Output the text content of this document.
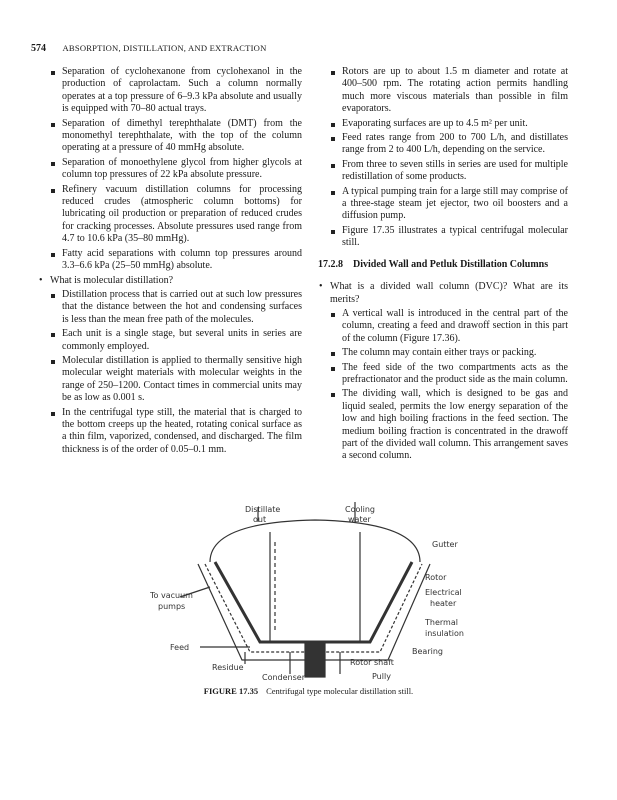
574 ABSORPTION, DISTILLATION, AND EXTRACTION
Separation of cyclohexanone from cyclohexanol in the production of caprolactam. Such a column normally operates at a top pressure of 6–9.3 kPa absolute and usually is equipped with 70–80 actual trays.
Separation of dimethyl terephthalate (DMT) from the monomethyl terephthalate, with the top of the column operating at a pressure of 40 mmHg absolute.
Separation of monoethylene glycol from higher glycols at column top pressures of 22 kPa absolute pressure.
Refinery vacuum distillation columns for processing reduced crudes (atmospheric column bottoms) for lubricating oil production or preparation of reduced crudes for cracking processes. Absolute pressures used range from 4.7 to 10.6 kPa (35–80 mmHg).
Fatty acid separations with column top pressures around 3.3–6.6 kPa (25–50 mmHg) absolute.
• What is molecular distillation?
Distillation process that is carried out at such low pressures that the distance between the hot and condensing surfaces is less than the mean free path of the molecules.
Each unit is a single stage, but several units in series are commonly employed.
Molecular distillation is applied to thermally sensitive high molecular weight materials with molecular weights in the range of 250–1200. Contact times in commercial units may be as low as 0.001 s.
In the centrifugal type still, the material that is charged to the bottom creeps up the heated, rotating conical surface as a thin film, vaporized, condensed, and discharged. The film thickness is of the order of 0.05–0.1 mm.
Rotors are up to about 1.5 m diameter and rotate at 400–500 rpm. The rotating action permits handling much more viscous materials than possible in film evaporators.
Evaporating surfaces are up to 4.5 m² per unit.
Feed rates range from 200 to 700 L/h, and distillates range from 2 to 400 L/h, depending on the service.
From three to seven stills in series are used for multiple redistillation of some products.
A typical pumping train for a large still may comprise of a three-stage steam jet ejector, two oil boosters and a diffusion pump.
Figure 17.35 illustrates a typical centrifugal molecular still.
17.2.8 Divided Wall and Petluk Distillation Columns
• What is a divided wall column (DVC)? What are its merits?
A vertical wall is introduced in the central part of the column, creating a feed and drawoff section in this part of the column (Figure 17.36).
The column may contain either trays or packing.
The feed side of the two compartments acts as the prefractionator and the product side as the main column.
The dividing wall, which is designed to be gas and liquid sealed, permits the low energy separation of the low and high boiling fractions in the feed section. The medium boiling fraction is concentrated in the drawoff part of the divided wall column. This arrangement saves a second column.
Distillate
out
Cooling
water
Gutter
Rotor
Electrical
heater
To vacuum
pumps
Thermal
insulation
Feed	Bearing
Residue
Condenser
Rotor shaft
Pully
FIGURE 17.35 Centrifugal type molecular distillation still.
